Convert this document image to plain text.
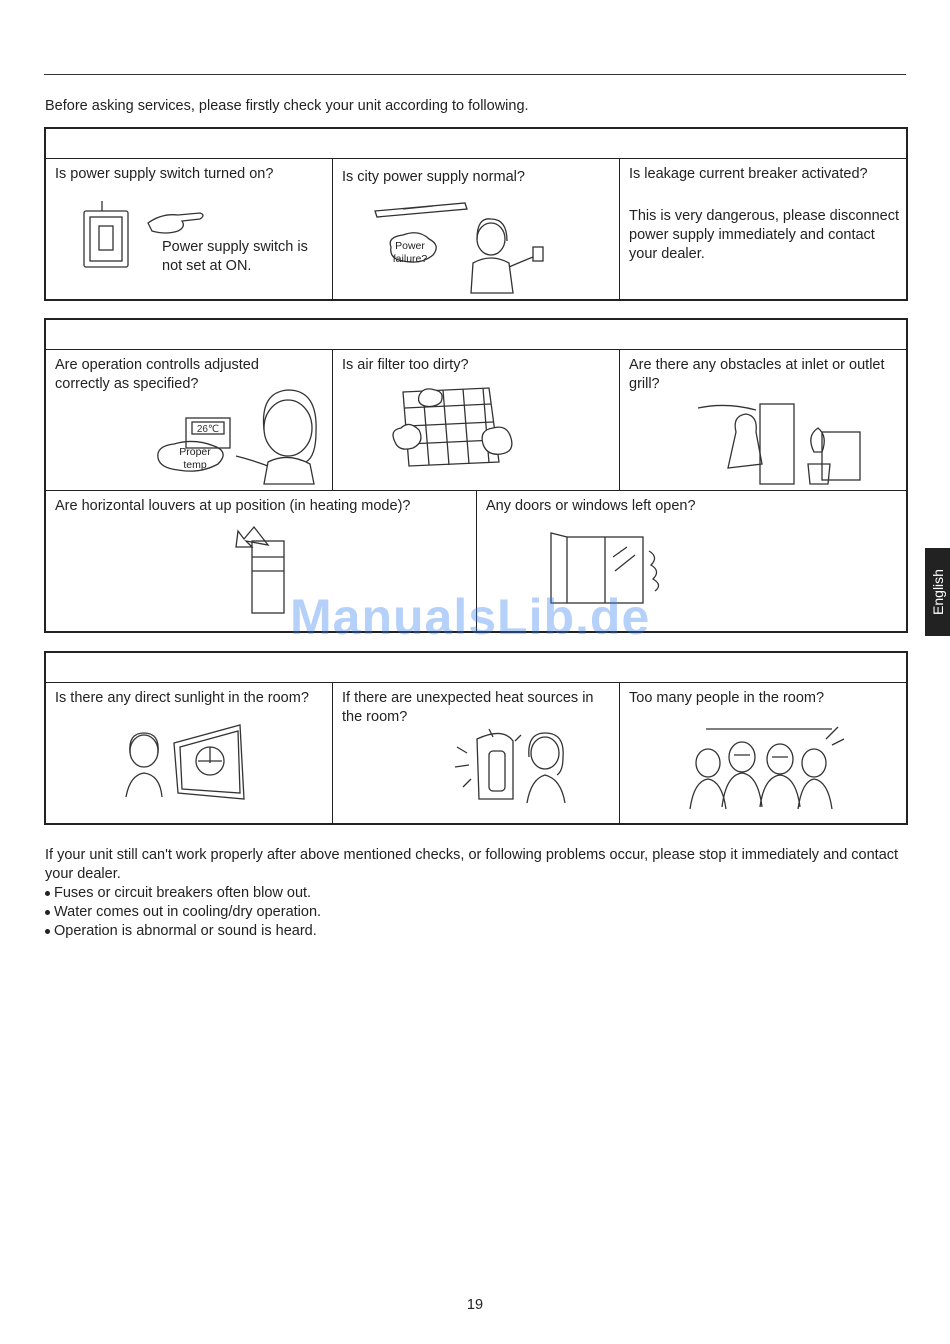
Before asking services, please firstly check your unit according to following.
Is power supply switch turned on?
Power supply switch is not set at ON.
Is city power supply normal?
Power failure?
Is leakage current breaker activated?
This is very dangerous, please disconnect power supply immediately and contact your dealer.
Are operation controlls adjusted correctly as specified?
26℃
Proper temp
Is air filter too dirty?	Are there any obstacles at inlet or outlet grill?
Are horizontal louvers at up position (in heating mode)?	Any doors or windows left open?
Is there any direct sunlight in the room?	If there are unexpected heat sources in the room?
Too many people in the room?
English
ManualsLib.de
If your unit still can't work properly after above mentioned checks, or following problems occur, please stop it immediately and contact your dealer.
Fuses or circuit breakers often blow out.
Water comes out in cooling/dry operation.
Operation is abnormal or sound is heard.
19
